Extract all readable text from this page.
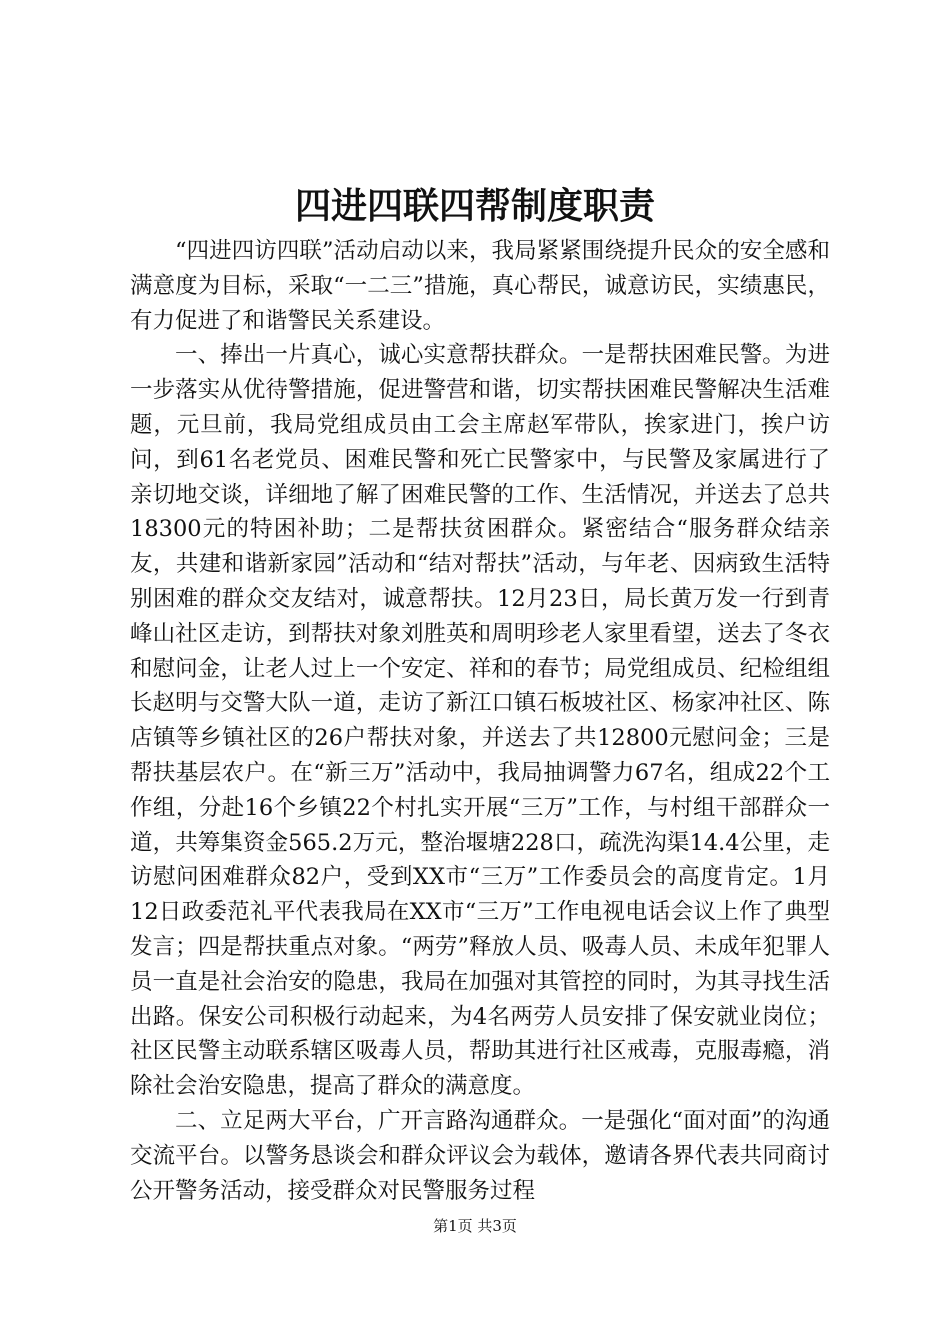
四进四联四帮制度职责

“四进四访四联”活动启动以来，我局紧紧围绕提升民众的安全感和满意度为目标，采取“一二三”措施，真心帮民，诚意访民，实绩惠民，有力促进了和谐警民关系建设。

一、捧出一片真心，诚心实意帮扶群众。一是帮扶困难民警。为进一步落实从优待警措施，促进警营和谐，切实帮扶困难民警解决生活难题，元旦前，我局党组成员由工会主席赵军带队，挨家进门，挨户访问，到61名老党员、困难民警和死亡民警家中，与民警及家属进行了亲切地交谈，详细地了解了困难民警的工作、生活情况，并送去了总共18300元的特困补助；二是帮扶贫困群众。紧密结合“服务群众结亲友，共建和谐新家园”活动和“结对帮扶”活动，与年老、因病致生活特别困难的群众交友结对，诚意帮扶。12月23日，局长黄万发一行到青峰山社区走访，到帮扶对象刘胜英和周明珍老人家里看望，送去了冬衣和慰问金，让老人过上一个安定、祥和的春节；局党组成员、纪检组组长赵明与交警大队一道，走访了新江口镇石板坡社区、杨家冲社区、陈店镇等乡镇社区的26户帮扶对象，并送去了共12800元慰问金；三是帮扶基层农户。在“新三万”活动中，我局抽调警力67名，组成22个工作组，分赴16个乡镇22个村扎实开展“三万”工作，与村组干部群众一道，共筹集资金565.2万元，整治堰塘228口，疏洗沟渠14.4公里，走访慰问困难群众82户，受到XX市“三万”工作委员会的高度肯定。1月12日政委范礼平代表我局在XX市“三万”工作电视电话会议上作了典型发言；四是帮扶重点对象。“两劳”释放人员、吸毒人员、未成年犯罪人员一直是社会治安的隐患，我局在加强对其管控的同时，为其寻找生活出路。保安公司积极行动起来，为4名两劳人员安排了保安就业岗位；社区民警主动联系辖区吸毒人员，帮助其进行社区戒毒，克服毒瘾，消除社会治安隐患，提高了群众的满意度。

二、立足两大平台，广开言路沟通群众。一是强化“面对面”的沟通交流平台。以警务恳谈会和群众评议会为载体，邀请各界代表共同商讨公开警务活动，接受群众对民警服务过程

第1页 共3页
